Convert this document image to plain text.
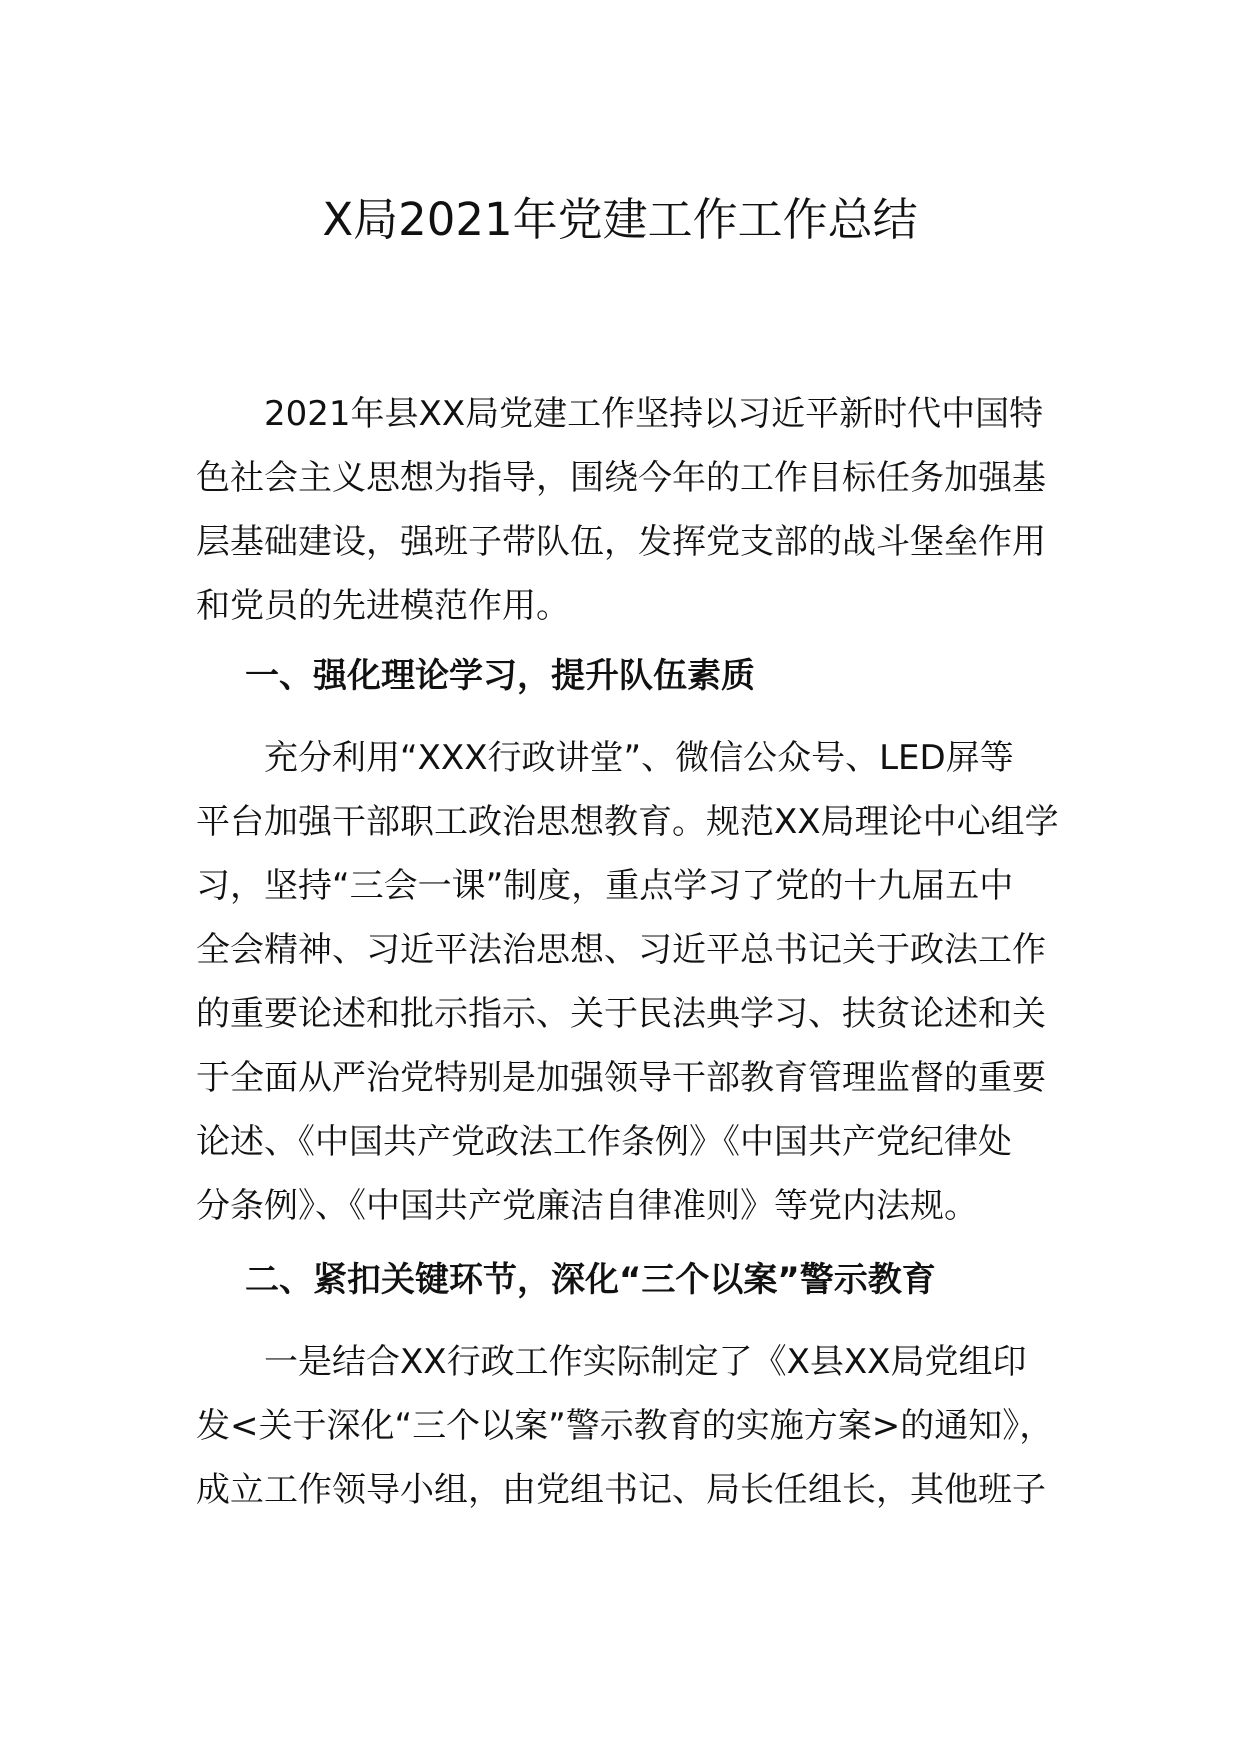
X局2021年党建工作工作总结

2021年县XX局党建工作坚持以习近平新时代中国特
色社会主义思想为指导，围绕今年的工作目标任务加强基
层基础建设，强班子带队伍，发挥党支部的战斗堡垒作用
和党员的先进模范作用。

一、强化理论学习，提升队伍素质

充分利用“XXX行政讲堂”、微信公众号、LED屏等
平台加强干部职工政治思想教育。规范XX局理论中心组学
习，坚持“三会一课”制度，重点学习了党的十九届五中
全会精神、习近平法治思想、习近平总书记关于政法工作
的重要论述和批示指示、关于民法典学习、扶贫论述和关
于全面从严治党特别是加强领导干部教育管理监督的重要
论述、《中国共产党政法工作条例》《中国共产党纪律处
分条例》、《中国共产党廉洁自律准则》等党内法规。

二、紧扣关键环节，深化“三个以案”警示教育

一是结合XX行政工作实际制定了《X县XX局党组印
发<关于深化“三个以案”警示教育的实施方案>的通知》，
成立工作领导小组，由党组书记、局长任组长，其他班子
